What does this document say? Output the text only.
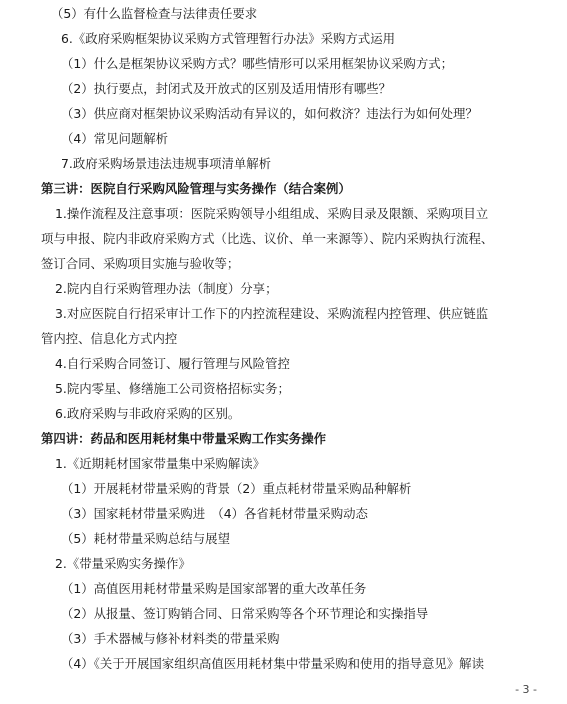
（5）有什么监督检查与法律责任要求
6.《政府采购框架协议采购方式管理暂行办法》采购方式运用
（1）什么是框架协议采购方式？哪些情形可以采用框架协议采购方式；
（2）执行要点，封闭式及开放式的区别及适用情形有哪些？
（3）供应商对框架协议采购活动有异议的，如何救济？违法行为如何处理？
（4）常见问题解析
7.政府采购场景违法违规事项清单解析
第三讲：医院自行采购风险管理与实务操作（结合案例）
1.操作流程及注意事项：医院采购领导小组组成、采购目录及限额、采购项目立
项与申报、院内非政府采购方式（比选、议价、单一来源等）、院内采购执行流程、
签订合同、采购项目实施与验收等；
2.院内自行采购管理办法（制度）分享；
3.对应医院自行招采审计工作下的内控流程建设、采购流程内控管理、供应链监
管内控、信息化方式内控
4.自行采购合同签订、履行管理与风险管控
5.院内零星、修缮施工公司资格招标实务；
6.政府采购与非政府采购的区别。
第四讲：药品和医用耗材集中带量采购工作实务操作
1.《近期耗材国家带量集中采购解读》
（1）开展耗材带量采购的背景（2）重点耗材带量采购品种解析
（3）国家耗材带量采购进　（4）各省耗材带量采购动态
（5）耗材带量采购总结与展望
2.《带量采购实务操作》
（1）高值医用耗材带量采购是国家部署的重大改革任务
（2）从报量、签订购销合同、日常采购等各个环节理论和实操指导
（3）手术器械与修补材料类的带量采购
（4）《关于开展国家组织高值医用耗材集中带量采购和使用的指导意见》解读
- 3 -
